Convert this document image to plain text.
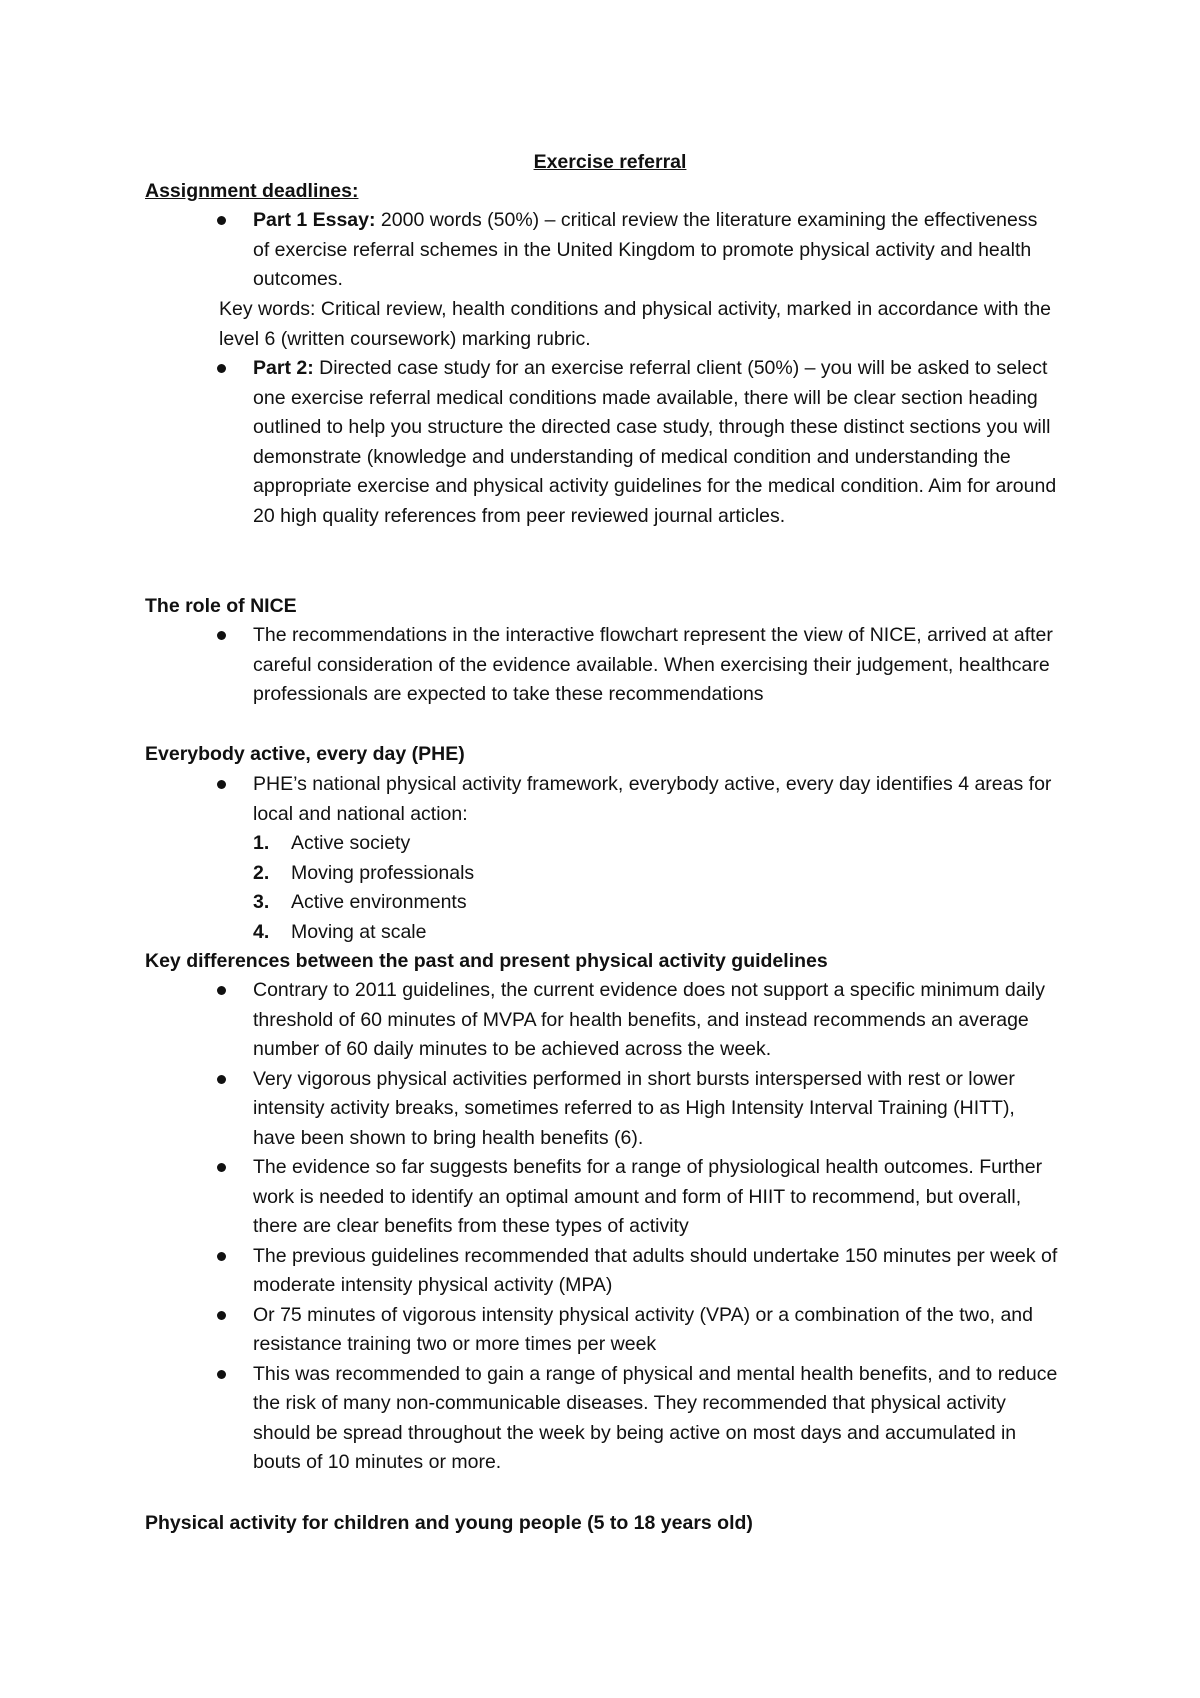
Exercise referral

Assignment deadlines:

Part 1 Essay: 2000 words (50%) – critical review the literature examining the effectiveness of exercise referral schemes in the United Kingdom to promote physical activity and health outcomes.
Key words: Critical review, health conditions and physical activity, marked in accordance with the level 6 (written coursework) marking rubric.
Part 2: Directed case study for an exercise referral client (50%) – you will be asked to select one exercise referral medical conditions made available, there will be clear section heading outlined to help you structure the directed case study, through these distinct sections you will demonstrate (knowledge and understanding of medical condition and understanding the appropriate exercise and physical activity guidelines for the medical condition. Aim for around 20 high quality references from peer reviewed journal articles.

The role of NICE

The recommendations in the interactive flowchart represent the view of NICE, arrived at after careful consideration of the evidence available. When exercising their judgement, healthcare professionals are expected to take these recommendations

Everybody active, every day (PHE)

PHE’s national physical activity framework, everybody active, every day identifies 4 areas for local and national action:
1. Active society
2. Moving professionals
3. Active environments
4. Moving at scale

Key differences between the past and present physical activity guidelines

Contrary to 2011 guidelines, the current evidence does not support a specific minimum daily threshold of 60 minutes of MVPA for health benefits, and instead recommends an average number of 60 daily minutes to be achieved across the week.
Very vigorous physical activities performed in short bursts interspersed with rest or lower intensity activity breaks, sometimes referred to as High Intensity Interval Training (HITT), have been shown to bring health benefits (6).
The evidence so far suggests benefits for a range of physiological health outcomes. Further work is needed to identify an optimal amount and form of HIIT to recommend, but overall, there are clear benefits from these types of activity
The previous guidelines recommended that adults should undertake 150 minutes per week of moderate intensity physical activity (MPA)
Or 75 minutes of vigorous intensity physical activity (VPA) or a combination of the two, and resistance training two or more times per week
This was recommended to gain a range of physical and mental health benefits, and to reduce the risk of many non-communicable diseases. They recommended that physical activity should be spread throughout the week by being active on most days and accumulated in bouts of 10 minutes or more.

Physical activity for children and young people (5 to 18 years old)
